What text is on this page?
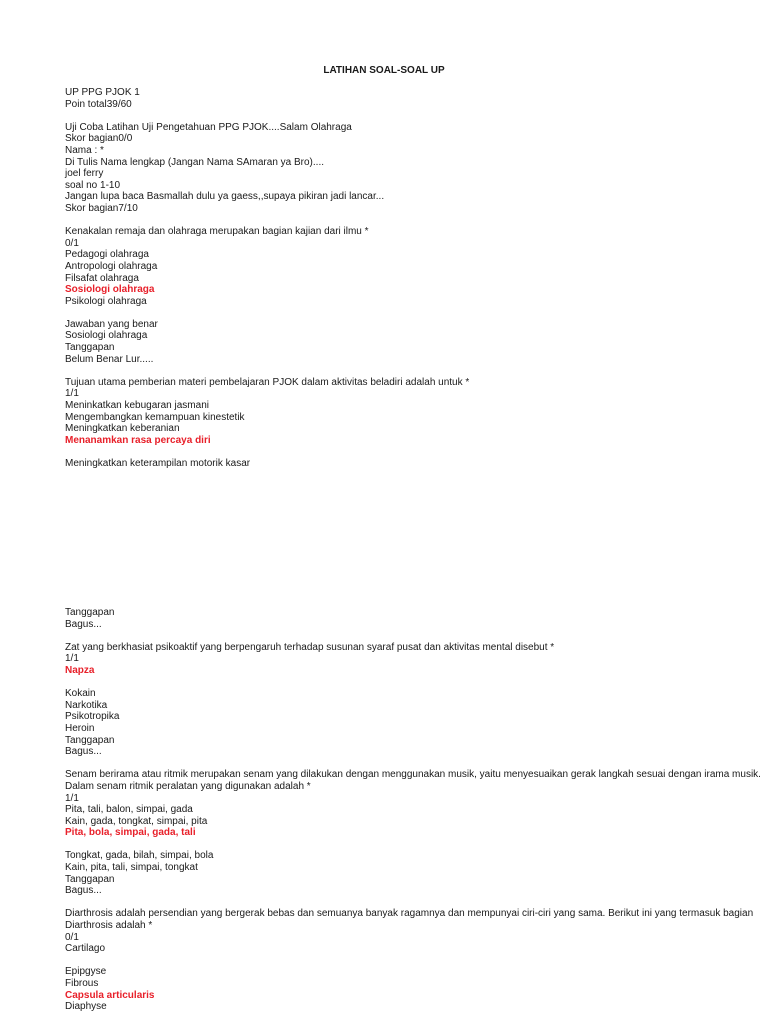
LATIHAN SOAL-SOAL UP
UP PPG PJOK 1
Poin total39/60
Uji Coba Latihan Uji Pengetahuan PPG PJOK....Salam Olahraga
Skor bagian0/0
Nama : *
Di Tulis Nama lengkap (Jangan Nama SAmaran ya Bro)....
joel ferry
soal no 1-10
Jangan lupa baca Basmallah dulu ya gaess,,supaya pikiran jadi lancar...
Skor bagian7/10
Kenakalan remaja dan olahraga merupakan bagian kajian dari ilmu *
0/1
Pedagogi olahraga
Antropologi olahraga
Filsafat olahraga
Sosiologi olahraga
Psikologi olahraga
Jawaban yang benar
Sosiologi olahraga
Tanggapan
Belum Benar Lur.....
Tujuan utama pemberian materi pembelajaran PJOK dalam aktivitas beladiri adalah untuk *
1/1
Meninkatkan kebugaran jasmani
Mengembangkan kemampuan kinestetik
Meningkatkan keberanian
Menanamkan rasa percaya diri
Meningkatkan keterampilan motorik kasar
Tanggapan
Bagus...
Zat yang berkhasiat psikoaktif yang berpengaruh terhadap susunan syaraf pusat dan aktivitas mental disebut *
1/1
Napza
Kokain
Narkotika
Psikotropika
Heroin
Tanggapan
Bagus...
Senam berirama atau ritmik merupakan senam yang dilakukan dengan menggunakan musik, yaitu menyesuaikan gerak langkah sesuai dengan irama musik.
Dalam senam ritmik peralatan yang digunakan adalah *
1/1
Pita, tali, balon, simpai, gada
Kain, gada, tongkat, simpai, pita
Pita, bola, simpai, gada, tali
Tongkat, gada, bilah, simpai, bola
Kain, pita, tali, simpai, tongkat
Tanggapan
Bagus...
Diarthrosis adalah persendian yang bergerak bebas dan semuanya banyak ragamnya dan mempunyai ciri-ciri yang sama. Berikut ini yang termasuk bagian
Diarthrosis adalah *
0/1
Cartilago
Epipgyse
Fibrous
Capsula articularis
Diaphyse
